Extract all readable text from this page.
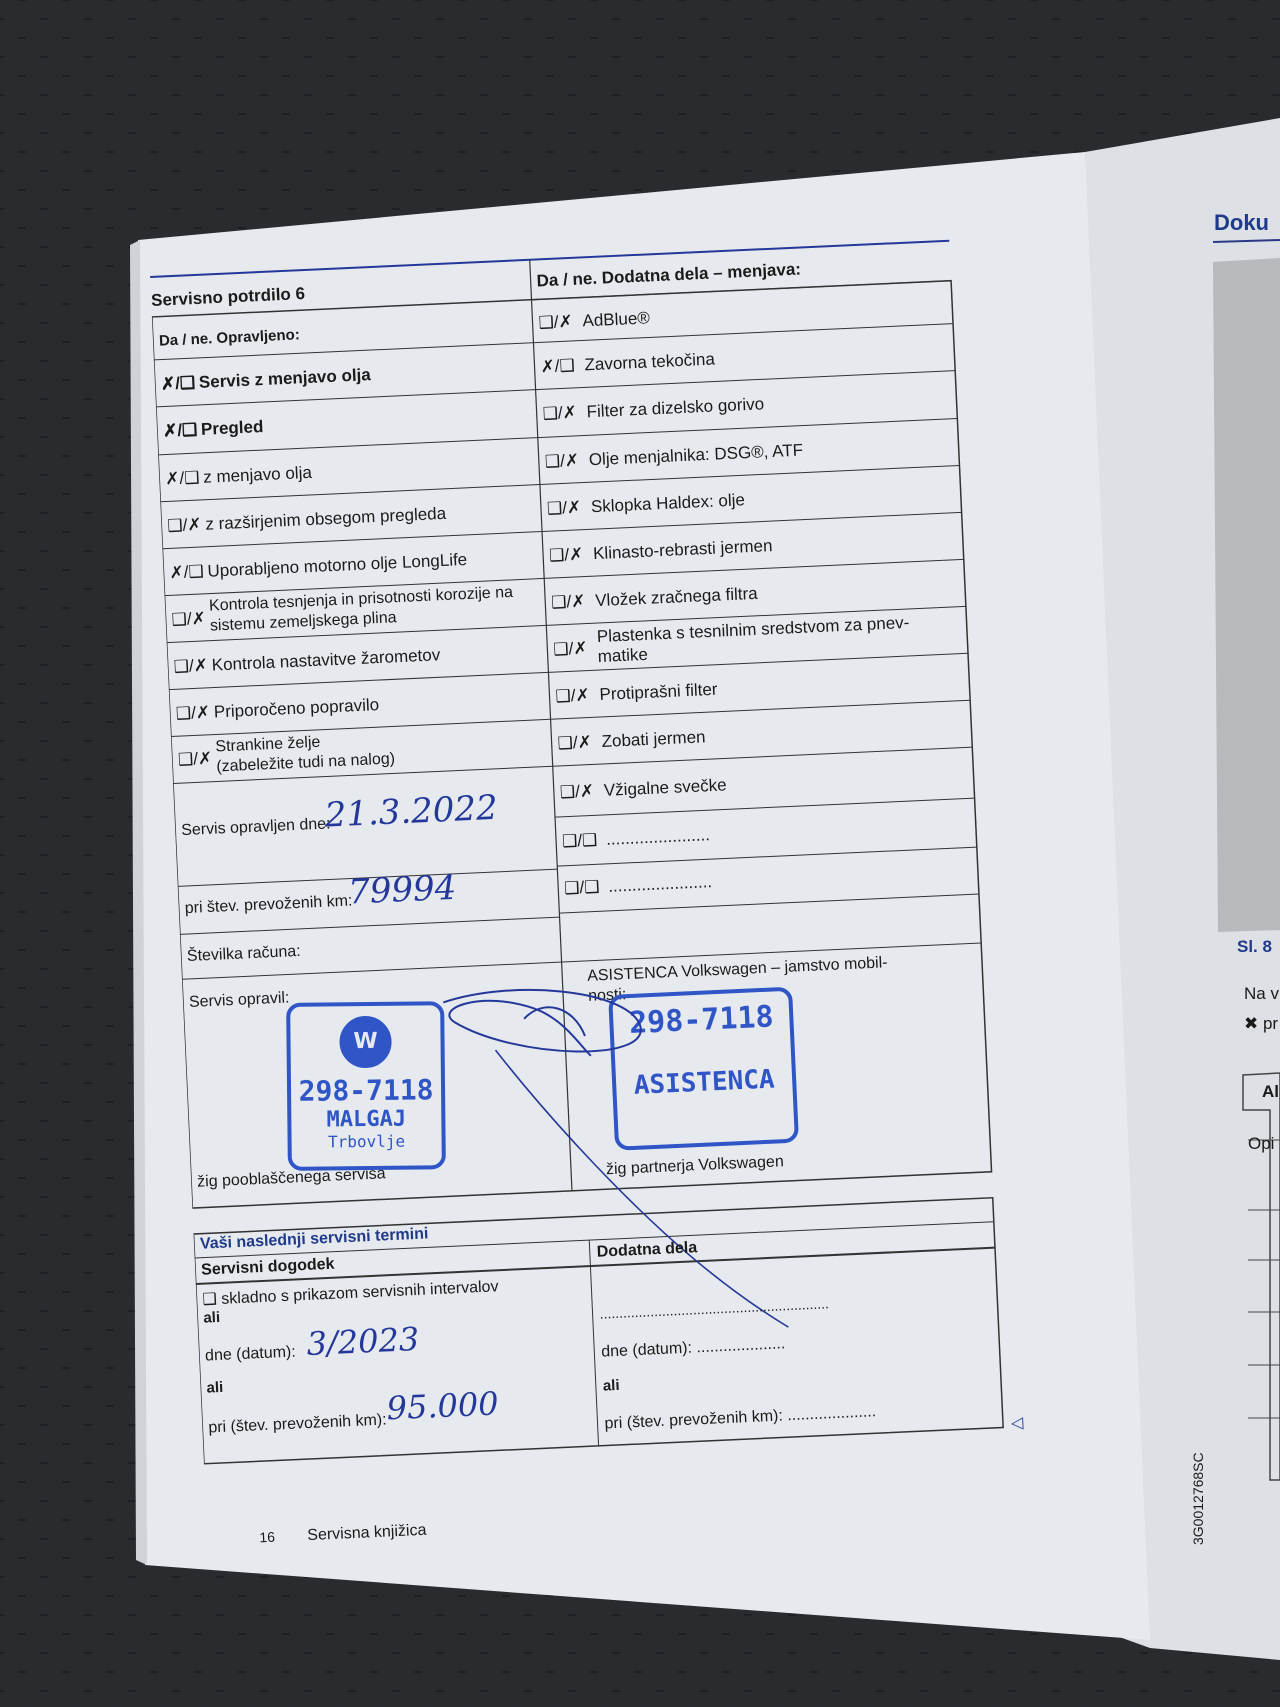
Doku
Sl. 8
Na v
✖ pr
Al
Opi
3G0012768SC
Servisno potrdilo 6
Da / ne. Opravljeno:
Da / ne. Dodatna dela – menjava:
✗/❑ Servis z menjavo olja
✗/❑ Pregled
✗/❑ z menjavo olja
❑/✗ z razširjenim obsegom pregleda
✗/❑ Uporabljeno motorno olje LongLife
❑/✗
Kontrola tesnjenja in prisotnosti korozije na
sistemu zemeljskega plina
❑/✗ Kontrola nastavitve žarometov
❑/✗ Priporočeno popravilo
❑/✗
Strankine želje
(zabeležite tudi na nalog)
❑/✗ AdBlue®
✗/❑ Zavorna tekočina
❑/✗ Filter za dizelsko gorivo
❑/✗ Olje menjalnika: DSG®, ATF
❑/✗ Sklopka Haldex: olje
❑/✗ Klinasto-rebrasti jermen
❑/✗ Vložek zračnega filtra
❑/✗
Plastenka s tesnilnim sredstvom za pnev-
matike
❑/✗ Protiprašni filter
❑/✗ Zobati jermen
❑/✗ Vžigalne svečke
❑/❑ ......................
❑/❑ ......................
Servis opravljen dne:
21.3.2022
pri štev. prevoženih km:
79994
Številka računa:
Servis opravil:
žig pooblaščenega servisa
W
298-7118
MALGAJ
Trbovlje
ASISTENCA Volkswagen – jamstvo mobil-
nosti:
298-7118
ASISTENCA
žig partnerja Volkswagen
Vaši naslednji servisni termini
Servisni dogodek
Dodatna dela
❑ skladno s prikazom servisnih intervalov
ali
dne (datum): 3/2023
ali
pri (štev. prevoženih km):
95.000
...........................................................
dne (datum): ....................
ali
pri (štev. prevoženih km): ....................	◁
16 Servisna knjižica
